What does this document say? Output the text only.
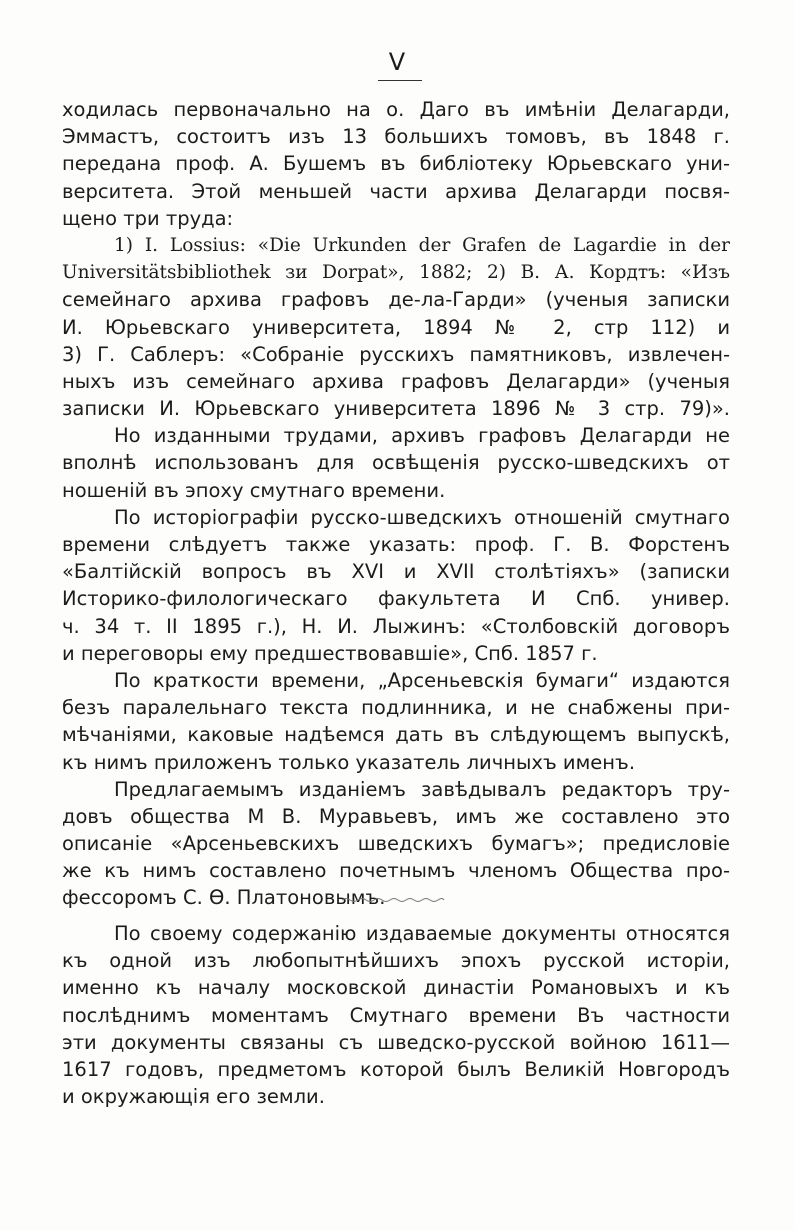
V
ходилась первоначально на о. Даго въ имѣніи Делагарди,
Эммастъ, состоитъ изъ 13 большихъ томовъ, въ 1848 г.
передана проф. А. Бушемъ въ библіотеку Юрьевскаго уни-
верситета. Этой меньшей части архива Делагарди посвя-
щено три труда:
1) I. Lossius: «Die Urkunden der Grafen de Lagardie in der
Universitätsbibliothek зи Dorpat», 1882; 2) В. А. Кордтъ: «Изъ
семейнаго архива графовъ де-ла-Гарди» (ученыя записки
И. Юрьевскаго университета, 1894 № 2, стр 112) и
3) Г. Саблеръ: «Собраніе русскихъ памятниковъ, извлечен-
ныхъ изъ семейнаго архива графовъ Делагарди» (ученыя
записки И. Юрьевскаго университета 1896 № 3 стр. 79)».
Но изданными трудами, архивъ графовъ Делагарди не
вполнѣ использованъ для освѣщенія русско-шведскихъ от
ношеній въ эпоху смутнаго времени.
По исторіографіи русско-шведскихъ отношеній смутнаго
времени слѣдуетъ также указать: проф. Г. В. Форстенъ
«Балтійскій вопросъ въ XVI и XVII столѣтіяхъ» (записки
Историко-филологическаго факультета И Спб. универ.
ч. 34 т. II 1895 г.), Н. И. Лыжинъ: «Столбовскій договоръ
и переговоры ему предшествовавшіе», Спб. 1857 г.
По краткости времени, „Арсеньевскія бумаги“ издаются
безъ паралельнаго текста подлинника, и не снабжены при-
мѣчаніями, каковые надѣемся дать въ слѣдующемъ выпускѣ,
къ нимъ приложенъ только указатель личныхъ именъ.
Предлагаемымъ изданіемъ завѣдывалъ редакторъ тру-
довъ общества М В. Муравьевъ, имъ же составлено это
описаніе «Арсеньевскихъ шведскихъ бумагъ»; предисловіе
же къ нимъ составлено почетнымъ членомъ Общества про-
фессоромъ С. Ѳ. Платоновымъ.
По своему содержанію издаваемые документы относятся
къ одной изъ любопытнѣйшихъ эпохъ русской исторіи,
именно къ началу московской династіи Романовыхъ и къ
послѣднимъ моментамъ Смутнаго времени Въ частности
эти документы связаны съ шведско-русской войною 1611—
1617 годовъ, предметомъ которой былъ Великій Новгородъ
и окружающія его земли.
